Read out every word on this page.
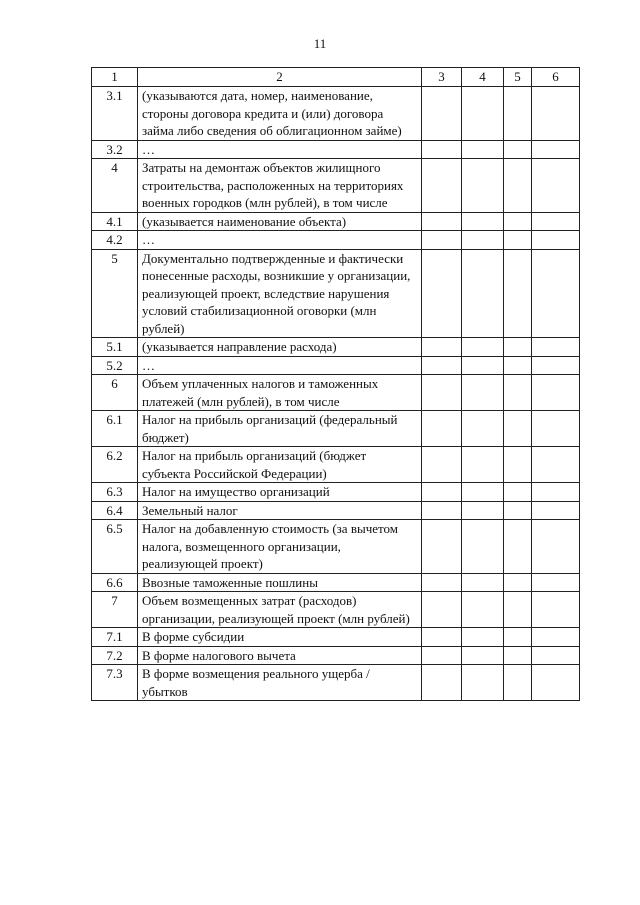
11
1	2	3	4	5	6
3.1	(указываются дата, номер, наименование, стороны договора кредита и (или) договора займа либо сведения об облигационном займе)				
3.2	…				
4	Затраты на демонтаж объектов жилищного строительства, расположенных на территориях военных городков (млн рублей), в том числе				
4.1	(указывается наименование объекта)				
4.2	…				
5	Документально подтвержденные и фактически понесенные расходы, возникшие у организации, реализующей проект, вследствие нарушения условий стабилизационной оговорки (млн рублей)				
5.1	(указывается направление расхода)				
5.2	…				
6	Объем уплаченных налогов и таможенных платежей (млн рублей), в том числе				
6.1	Налог на прибыль организаций (федеральный бюджет)				
6.2	Налог на прибыль организаций (бюджет субъекта Российской Федерации)				
6.3	Налог на имущество организаций				
6.4	Земельный налог				
6.5	Налог на добавленную стоимость (за вычетом налога, возмещенного организации, реализующей проект)				
6.6	Ввозные таможенные пошлины				
7	Объем возмещенных затрат (расходов) организации, реализующей проект (млн рублей)				
7.1	В форме субсидии				
7.2	В форме налогового вычета				
7.3	В форме возмещения реального ущерба / убытков				
